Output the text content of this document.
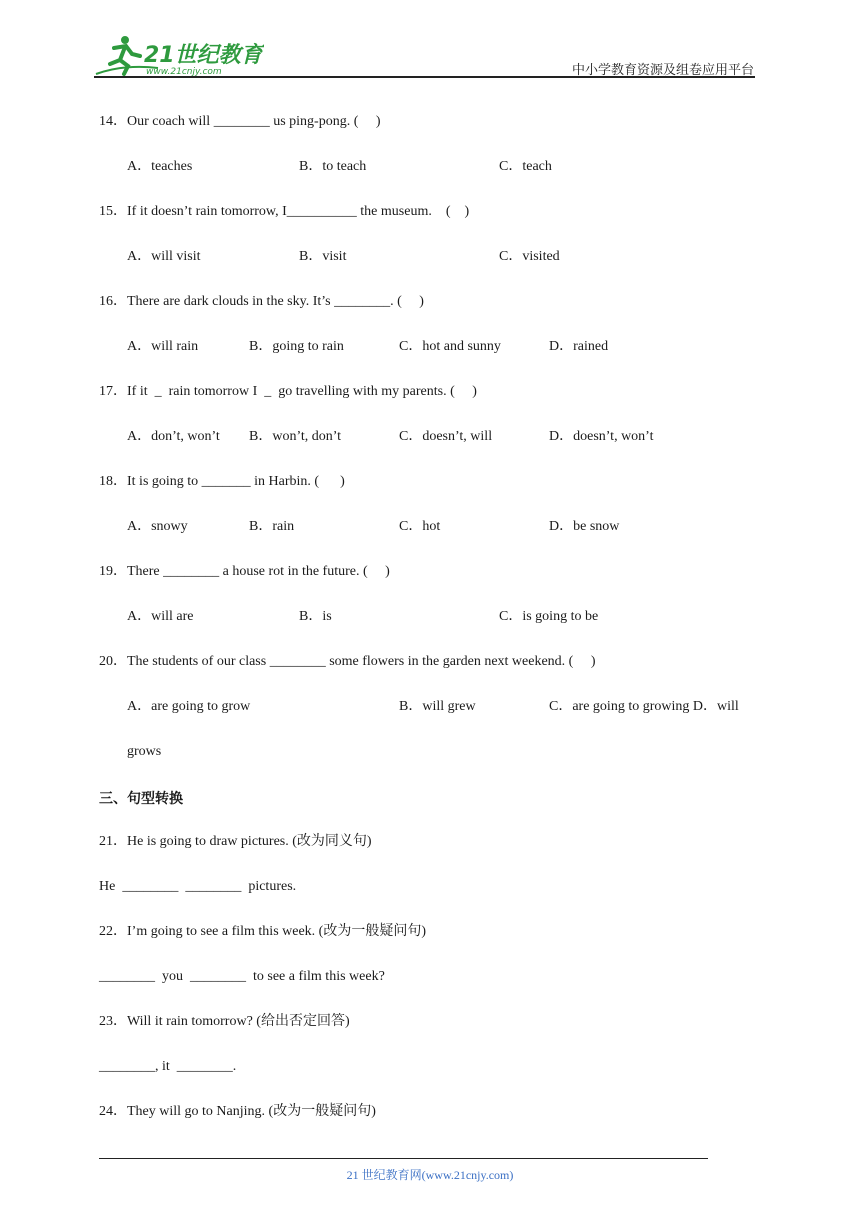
21世纪教育
www.21cnjy.com	中小学教育资源及组卷应用平台
14．Our coach will ________ us ping-pong. (     )
A．teaches	B．to teach	C．teach
15．If it doesn’t rain tomorrow, I__________ the museum.    (    )
A．will visit	B．visit	C．visited
16．There are dark clouds in the sky. It’s ________. (     )
A．will rain	B．going to rain	C．hot and sunny	D．rained
17．If it  _  rain tomorrow I  _  go travelling with my parents. (     )
A．don’t, won’t B．won’t, don’t	C．doesn’t, will	D．doesn’t, won’t
18．It is going to _______ in Harbin. (      )
A．snowy	B．rain	C．hot	D．be snow
19．There ________ a house rot in the future. (     )
A．will are	B．is	C．is going to be
20．The students of our class ________ some flowers in the garden next weekend. (     )
A．are going to grow	B．will grew	C．are going to growing D．will
grows
三、句型转换
21．He is going to draw pictures. (改为同义句)
He  ________  ________  pictures.
22．I’m going to see a film this week. (改为一般疑问句)
________  you  ________  to see a film this week?
23．Will it rain tomorrow? (给出否定回答)
________, it  ________.
24．They will go to Nanjing. (改为一般疑问句)
21 世纪教育网(www.21cnjy.com)
